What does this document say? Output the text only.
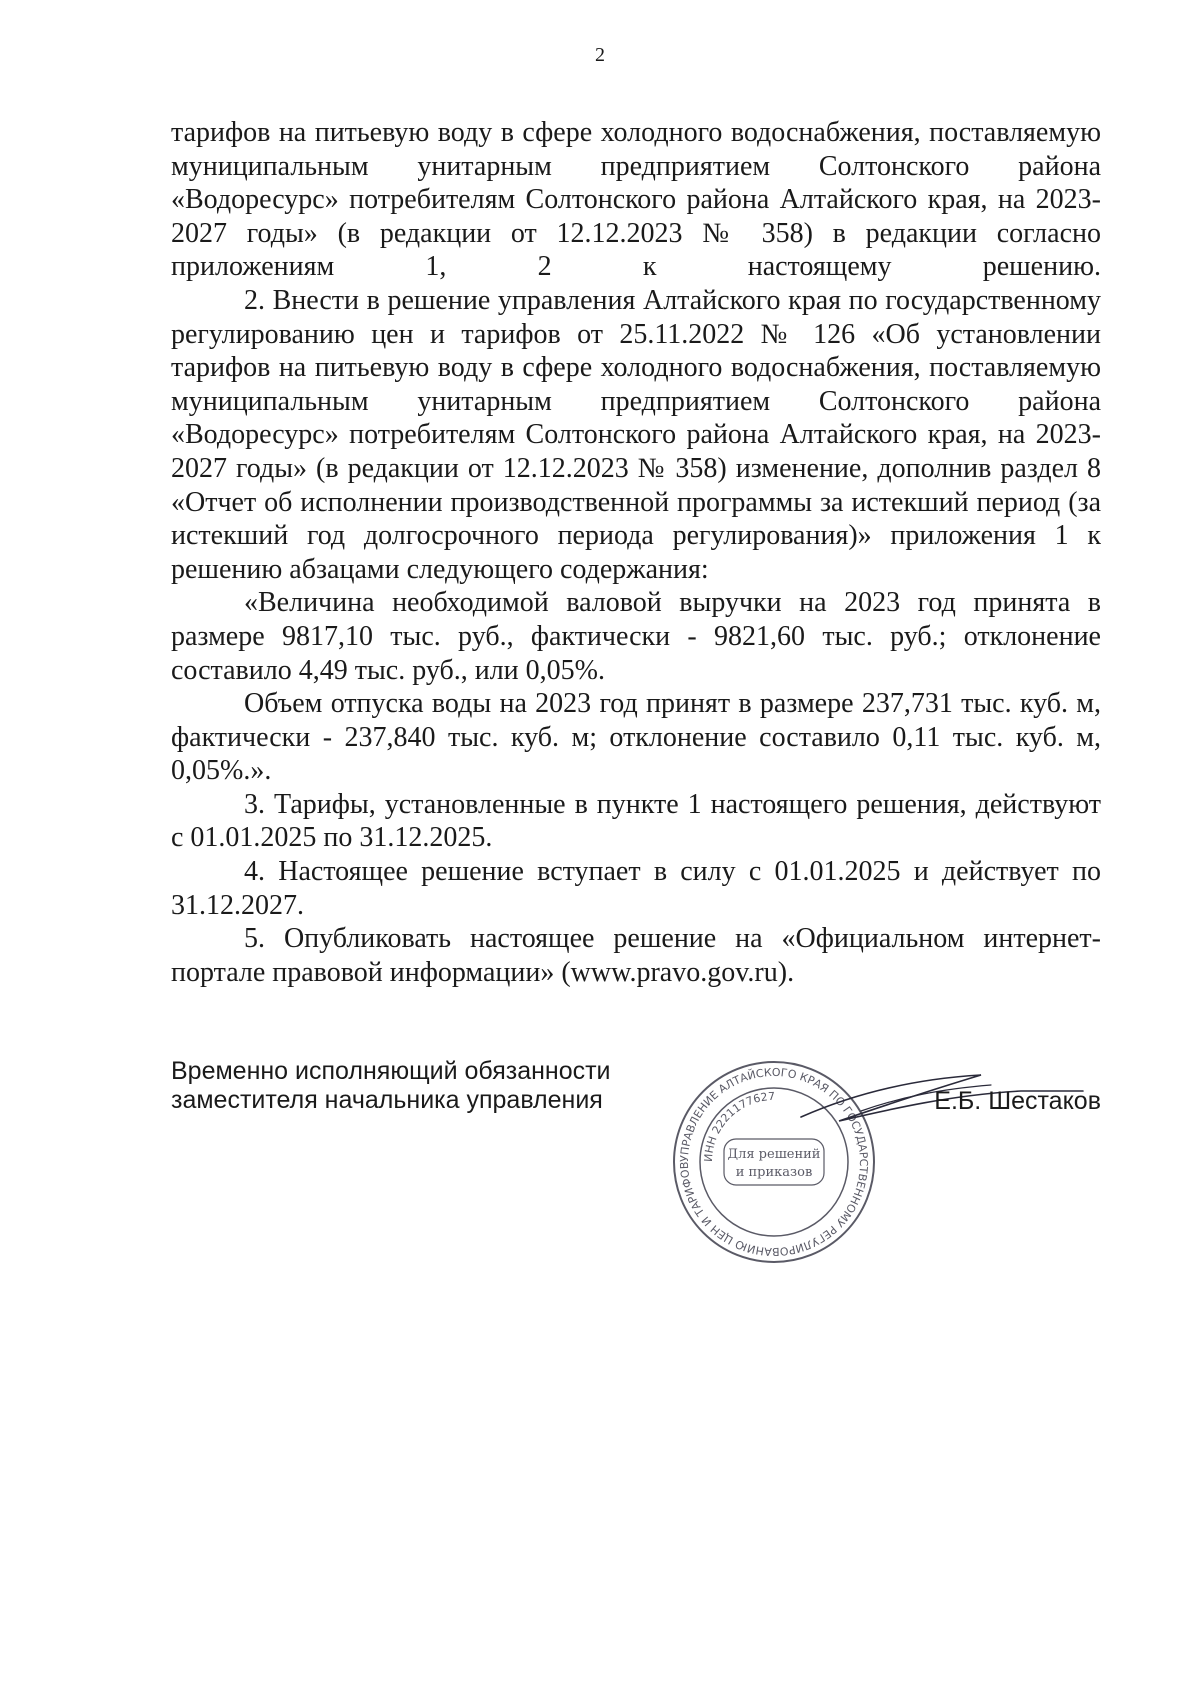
2

тарифов на питьевую воду в сфере холодного водоснабжения, поставляемую муниципальным унитарным предприятием Солтонского района «Водоресурс» потребителям Солтонского района Алтайского края, на 2023-2027 годы» (в редакции от 12.12.2023 № 358) в редакции согласно приложениям 1, 2 к настоящему решению.

2. Внести в решение управления Алтайского края по государственному регулированию цен и тарифов от 25.11.2022 № 126 «Об установлении тарифов на питьевую воду в сфере холодного водоснабжения, поставляемую муниципальным унитарным предприятием Солтонского района «Водоресурс» потребителям Солтонского района Алтайского края, на 2023-2027 годы» (в редакции от 12.12.2023 № 358) изменение, дополнив раздел 8 «Отчет об исполнении производственной программы за истекший период (за истекший год долгосрочного периода регулирования)» приложения 1 к решению абзацами следующего содержания:

«Величина необходимой валовой выручки на 2023 год принята в размере 9817,10 тыс. руб., фактически - 9821,60 тыс. руб.; отклонение составило 4,49 тыс. руб., или 0,05%.

Объем отпуска воды на 2023 год принят в размере 237,731 тыс. куб. м, фактически - 237,840 тыс. куб. м; отклонение составило 0,11 тыс. куб. м, 0,05%.».

3. Тарифы, установленные в пункте 1 настоящего решения, действуют с 01.01.2025 по 31.12.2025.

4. Настоящее решение вступает в силу с 01.01.2025 и действует по 31.12.2027.

5. Опубликовать настоящее решение на «Официальном интернет-портале правовой информации» (www.pravo.gov.ru).

Временно исполняющий обязанности
заместителя начальника управления
УПРАВЛЕНИЕ АЛТАЙСКОГО КРАЯ ПО ГОСУДАРСТВЕННОМУ РЕГУЛИРОВАНИЮ ЦЕН И ТАРИФОВ
ИНН 2221177627
Для решений
и приказов
Е.Б. Шестаков
